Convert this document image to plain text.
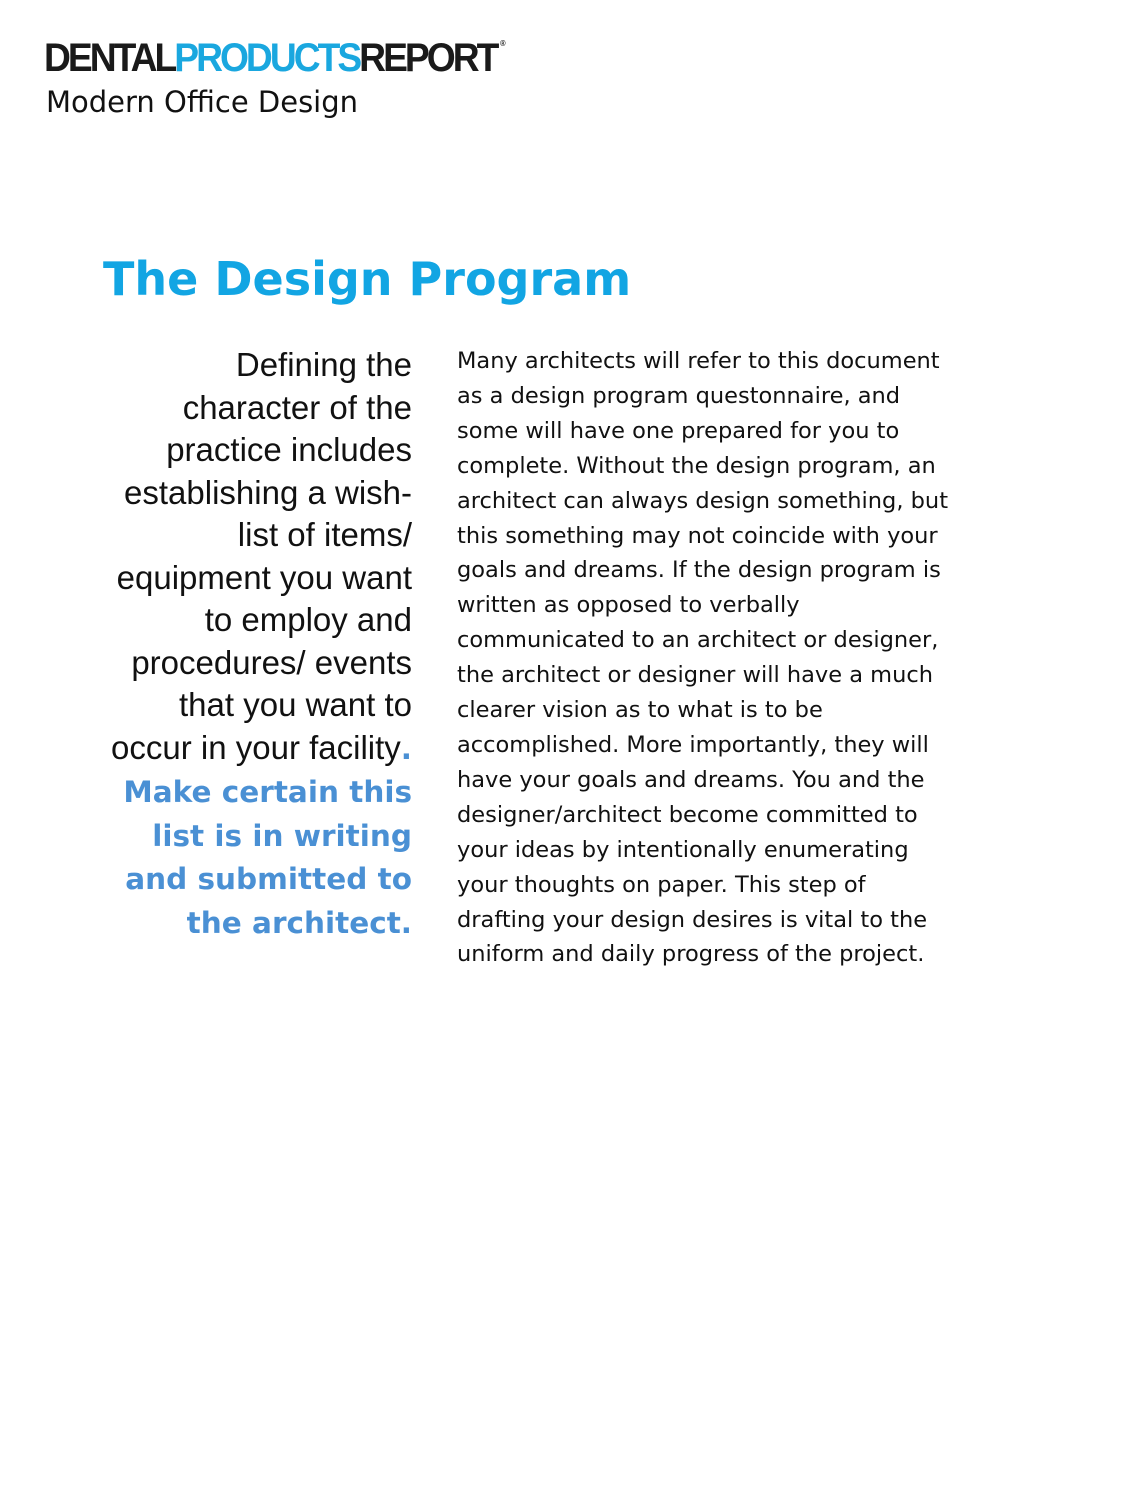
DENTAL PRODUCTS REPORT ®
Modern Office Design
The Design Program

Defining the character of the practice includes establishing a wish-list of items/ equipment you want to employ and procedures/ events that you want to occur in your facility. Make certain this list is in writing and submitted to the architect.

Many architects will refer to this document as a design program questonnaire, and some will have one prepared for you to complete. Without the design program, an architect can always design something, but this something may not coincide with your goals and dreams. If the design program is written as opposed to verbally communicated to an architect or designer, the architect or designer will have a much clearer vision as to what is to be accomplished. More importantly, they will have your goals and dreams. You and the designer/architect become committed to your ideas by intentionally enumerating your thoughts on paper. This step of drafting your design desires is vital to the uniform and daily progress of the project.
